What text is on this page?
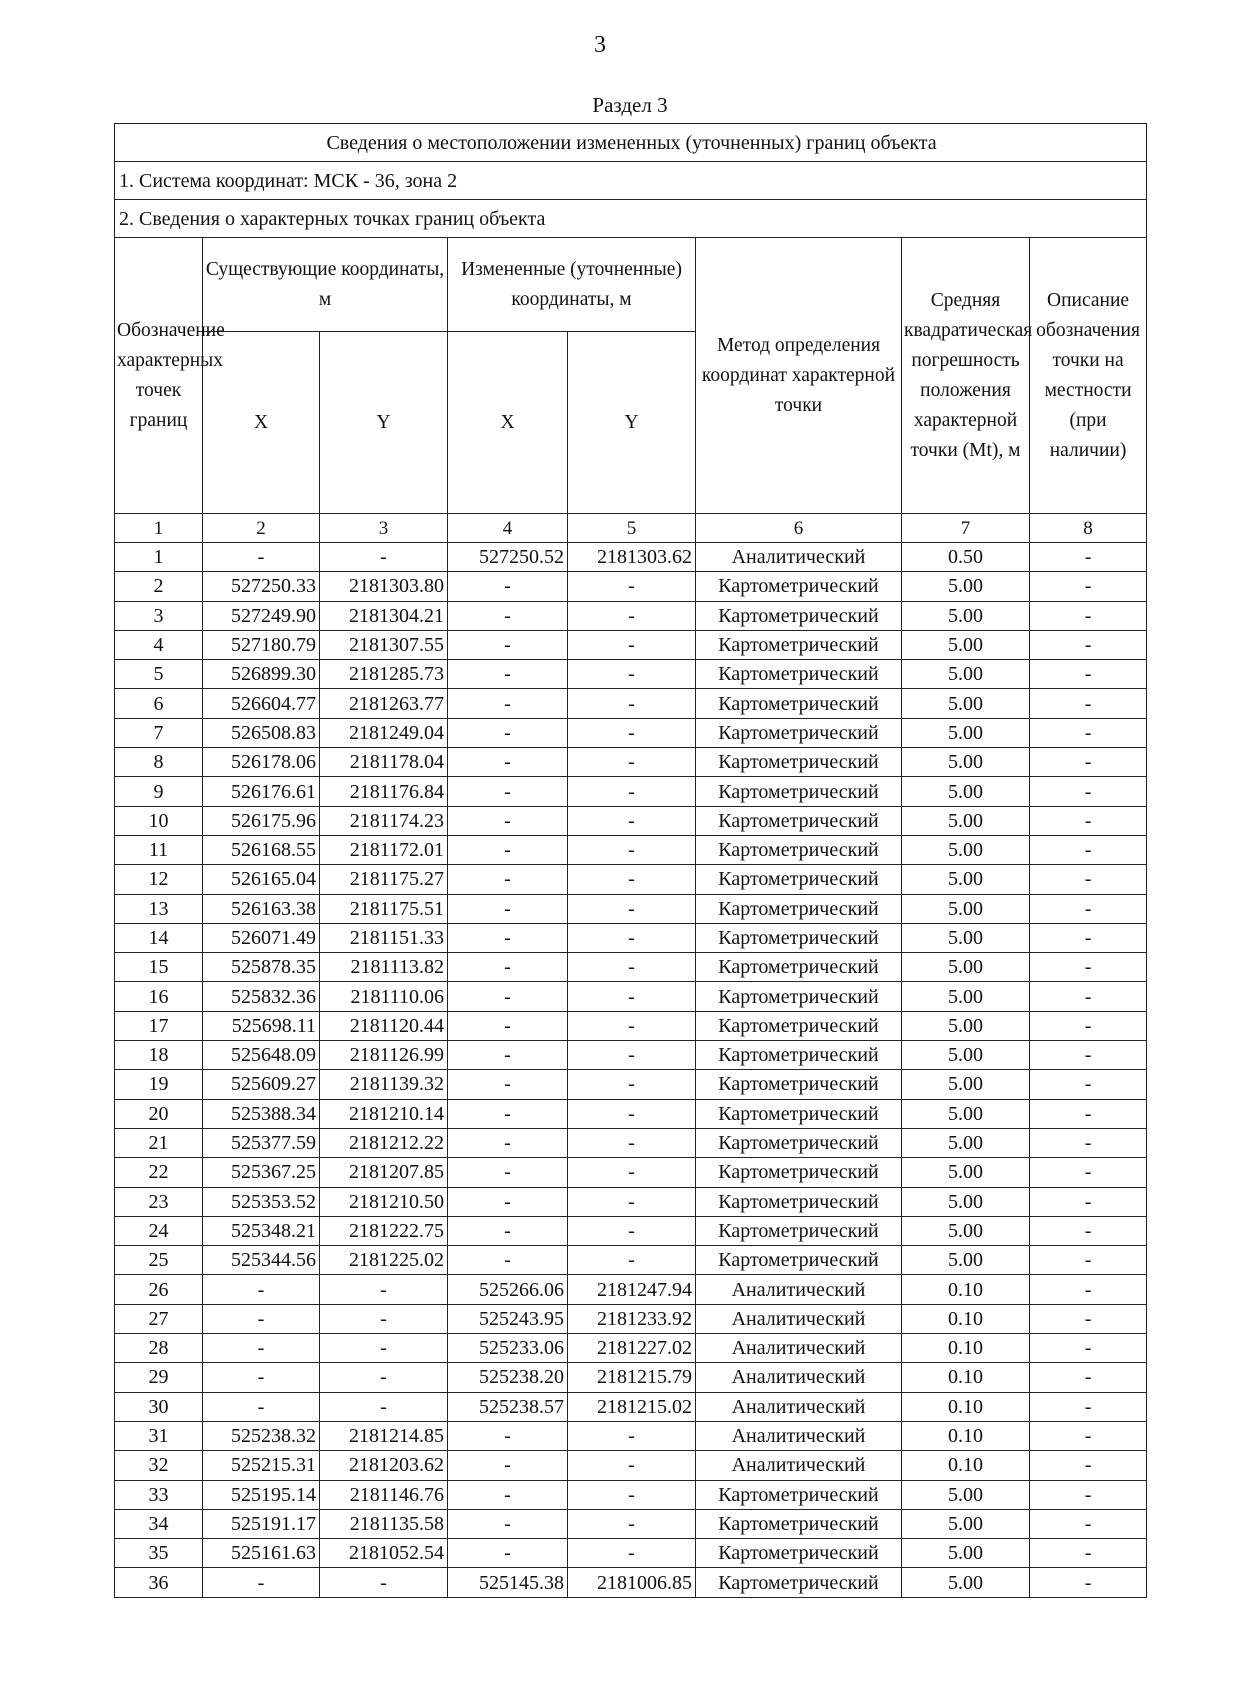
3
Раздел 3
Сведения о местоположении измененных (уточненных) границ объекта							
1. Система координат: МСК - 36, зона 2							
2. Сведения о характерных точках границ объекта							
Обозначение характерных точек границ	Существующие координаты, м		Измененные (уточненные) координаты, м		Метод определения координат характерной точки	Средняя квадратическая погрешность положения характерной точки (Mt), м	Описание обозначения точки на местности (при наличии)
	X	Y	X	Y			
1	2	3	4	5	6	7	8
1	-	-	527250.52	2181303.62	Аналитический	0.50	-
2	527250.33	2181303.80	-	-	Картометрический	5.00	-
3	527249.90	2181304.21	-	-	Картометрический	5.00	-
4	527180.79	2181307.55	-	-	Картометрический	5.00	-
5	526899.30	2181285.73	-	-	Картометрический	5.00	-
6	526604.77	2181263.77	-	-	Картометрический	5.00	-
7	526508.83	2181249.04	-	-	Картометрический	5.00	-
8	526178.06	2181178.04	-	-	Картометрический	5.00	-
9	526176.61	2181176.84	-	-	Картометрический	5.00	-
10	526175.96	2181174.23	-	-	Картометрический	5.00	-
11	526168.55	2181172.01	-	-	Картометрический	5.00	-
12	526165.04	2181175.27	-	-	Картометрический	5.00	-
13	526163.38	2181175.51	-	-	Картометрический	5.00	-
14	526071.49	2181151.33	-	-	Картометрический	5.00	-
15	525878.35	2181113.82	-	-	Картометрический	5.00	-
16	525832.36	2181110.06	-	-	Картометрический	5.00	-
17	525698.11	2181120.44	-	-	Картометрический	5.00	-
18	525648.09	2181126.99	-	-	Картометрический	5.00	-
19	525609.27	2181139.32	-	-	Картометрический	5.00	-
20	525388.34	2181210.14	-	-	Картометрический	5.00	-
21	525377.59	2181212.22	-	-	Картометрический	5.00	-
22	525367.25	2181207.85	-	-	Картометрический	5.00	-
23	525353.52	2181210.50	-	-	Картометрический	5.00	-
24	525348.21	2181222.75	-	-	Картометрический	5.00	-
25	525344.56	2181225.02	-	-	Картометрический	5.00	-
26	-	-	525266.06	2181247.94	Аналитический	0.10	-
27	-	-	525243.95	2181233.92	Аналитический	0.10	-
28	-	-	525233.06	2181227.02	Аналитический	0.10	-
29	-	-	525238.20	2181215.79	Аналитический	0.10	-
30	-	-	525238.57	2181215.02	Аналитический	0.10	-
31	525238.32	2181214.85	-	-	Аналитический	0.10	-
32	525215.31	2181203.62	-	-	Аналитический	0.10	-
33	525195.14	2181146.76	-	-	Картометрический	5.00	-
34	525191.17	2181135.58	-	-	Картометрический	5.00	-
35	525161.63	2181052.54	-	-	Картометрический	5.00	-
36	-	-	525145.38	2181006.85	Картометрический	5.00	-
